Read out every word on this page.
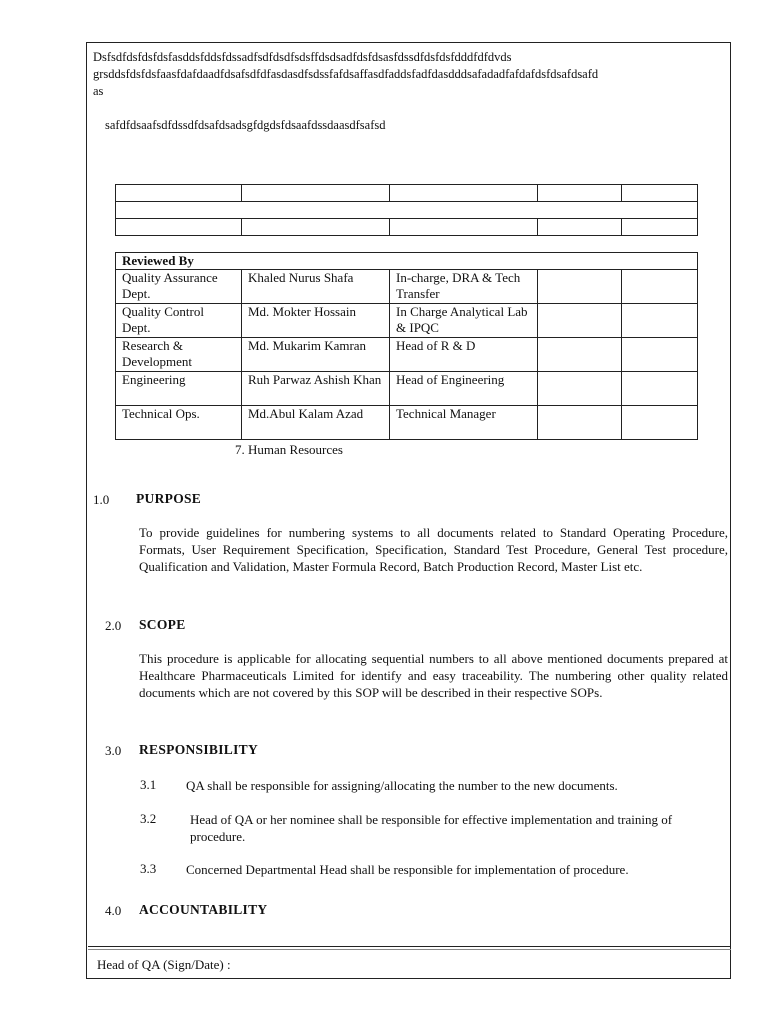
Dsfsdfdsfdsfdsfasddsfddsfdssadfsdfdsdfsdsffdsdsadfdsfdsasfdssdfdsfdsfdddfdfdvds
grsddsfdsfdsfaasfdafdaadfdsafsdfdfasdasdfsdssfafdsaffasdfaddsfadfdasdddsafadadfafdafdsfdsafdsafd
as
safdfdsaafsdfdssdfdsafdsadsgfdgdsfdsaafdssdaasdfsafsd

Reviewed By				
Quality Assurance Dept.	Khaled Nurus Shafa	In-charge, DRA & Tech Transfer		
Quality Control Dept.	Md. Mokter Hossain	In Charge Analytical Lab & IPQC		
Research & Development	Md. Mukarim Kamran	Head of R & D		
Engineering	Ruh Parwaz Ashish Khan	Head of Engineering		
Technical Ops.	Md.Abul Kalam Azad	Technical Manager		
7. Human Resources
1.0 PURPOSE
To provide guidelines for numbering systems to all documents related to Standard Operating Procedure, Formats, User Requirement Specification, Specification, Standard Test Procedure, General Test procedure, Qualification and Validation, Master Formula Record, Batch Production Record, Master List etc.
2.0 SCOPE
This procedure is applicable for allocating sequential numbers to all above mentioned documents prepared at Healthcare Pharmaceuticals Limited for identify and easy traceability. The numbering other quality related documents which are not covered by this SOP will be described in their respective SOPs.
3.0 RESPONSIBILITY
3.1 QA shall be responsible for assigning/allocating the number to the new documents.
3.2	Head of QA or her nominee shall be responsible for effective implementation and training of procedure.
3.3 Concerned Departmental Head shall be responsible for implementation of procedure.
4.0 ACCOUNTABILITY
Head of QA (Sign/Date) :
